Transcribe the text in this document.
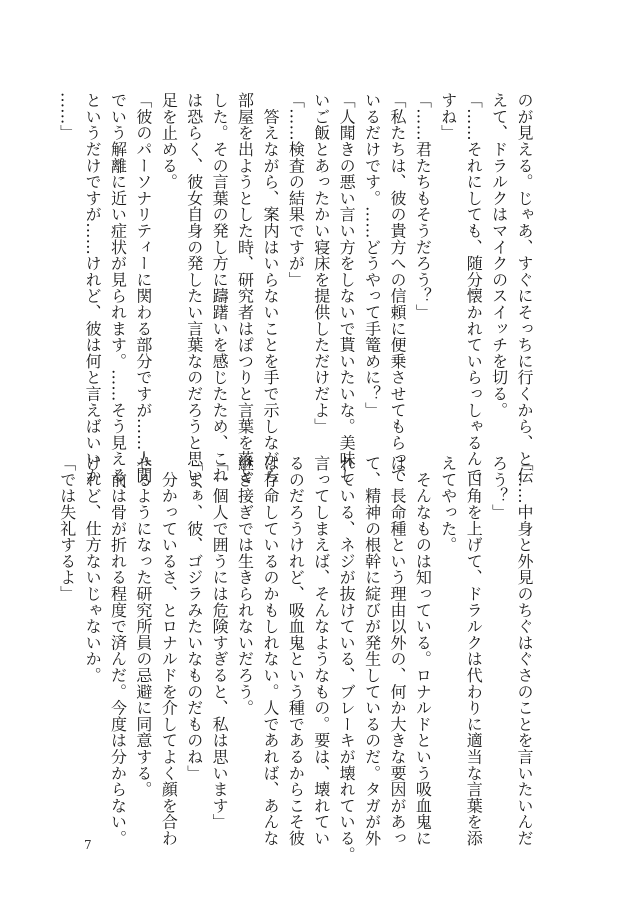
のが見える。じゃあ、すぐにそっちに行くから、と伝
えて、ドラルクはマイクのスイッチを切る。
「……それにしても、随分懐かれていらっしゃるんで
すね」
「……君たちもそうだろう？」
「私たちは、彼の貴方への信頼に便乗させてもらって
いるだけです。……どうやって手篭めに？」
「人聞きの悪い言い方をしないで貰いたいな。美味し
いご飯とあったかい寝床を提供しただけだよ」
「……検査の結果ですが」
　答えながら、案内はいらないことを手で示しながら
部屋を出ようとした時、研究者はぽつりと言葉を落と
した。その言葉の発し方に躊躇いを感じたため、これ
は恐らく、彼女自身の発したい言葉なのだろうと思い、
足を止める。
「彼のパーソナリティーに関わる部分ですが……人間
でいう解離に近い症状が見られます。……そう見える、
というだけですが……けれど、彼は何と言えばいいか
……」
「……中身と外見のちぐはぐさのことを言いたいんだ
ろう？」
　口角を上げて、ドラルクは代わりに適当な言葉を添
えてやった。
　そんなものは知っている。ロナルドという吸血鬼に
は、長命種という理由以外の、何か大きな要因があっ
て、精神の根幹に綻びが発生しているのだ。タガが外
れている、ネジが抜けている、ブレーキが壊れている。
言ってしまえば、そんなようなもの。要は、壊れてい
るのだろうけれど、吸血鬼という種であるからこそ彼
は存命しているのかもしれない。人であれば、あんな
継ぎ接ぎでは生きられないだろう。
「一個人で囲うには危険すぎると、私は思います」
「まぁ、彼、ゴジラみたいなものだものね」
　分かっているさ、とロナルドを介してよく顔を合わ
せるようになった研究所員の忌避に同意する。
　前は骨が折れる程度で済んだ。今度は分からない。
けれど、仕方ないじゃないか。
「では失礼するよ」
7
